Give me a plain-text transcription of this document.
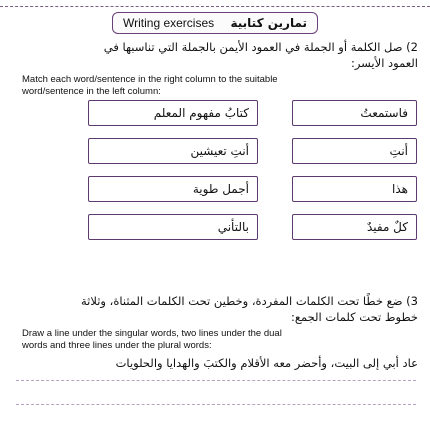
Writing exercises تمارين كتابية
2) صل الكلمة أو الجملة في العمود الأيمن بالجملة التي تناسبها في
العمود الأيسر:
Match each word/sentence in the right column to the suitable
word/sentence in the left column:
كتابُ مفهوم المعلم
أنتِ تعيشين
أجمل طوية
بالتأني
فاستمعتُ
أنتِ
هذا
كلٌ مفيدٌ
3) ضع خطًا تحت الكلمات المفردة، وخطين تحت الكلمات المثناة، وثلاثة
خطوط تحت كلمات الجمع:
Draw a line under the singular words, two lines under the dual
words and three lines under the plural words:
عاد أبي إلى البيت، وأحضر معه الأقلام والكتبَ والهدايا والحلويات
